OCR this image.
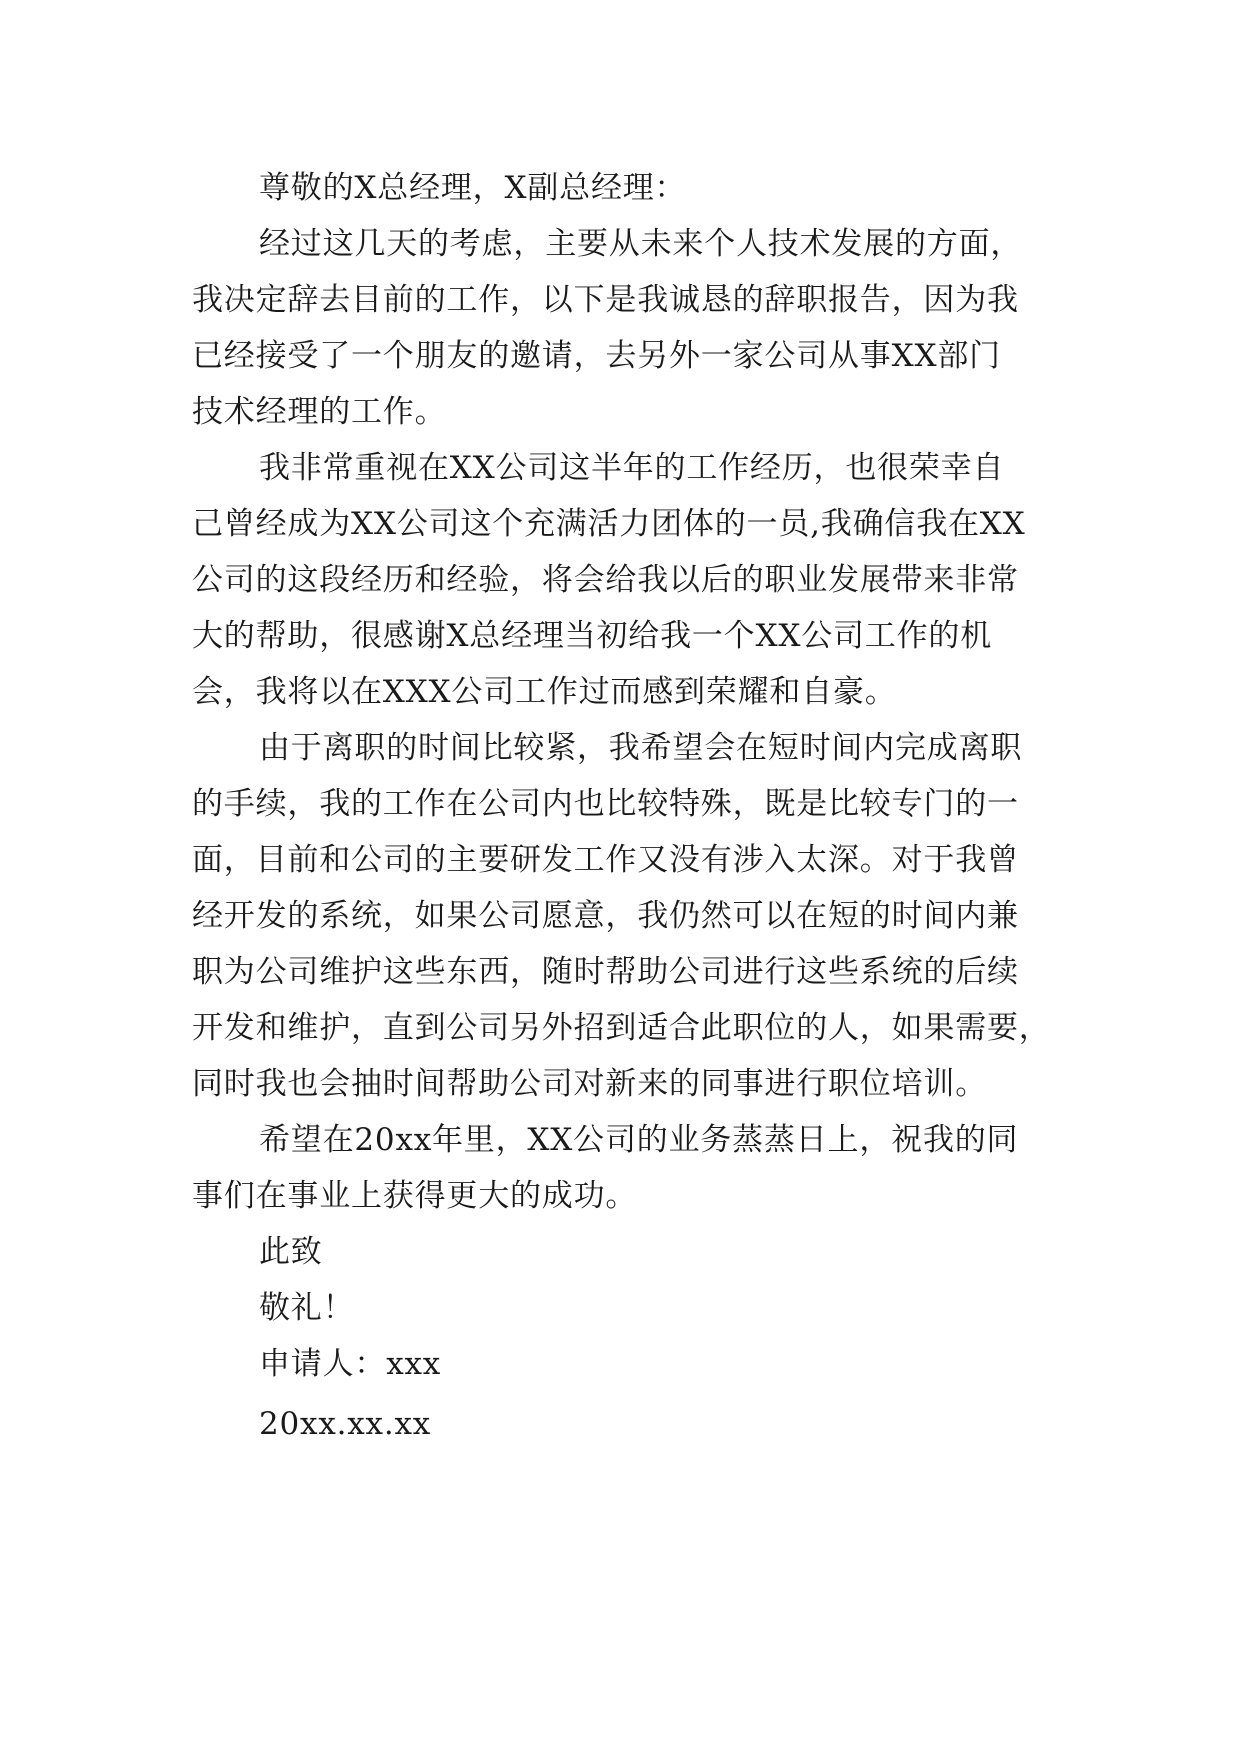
尊敬的X总经理，X副总经理：
经过这几天的考虑，主要从未来个人技术发展的方面，
我决定辞去目前的工作，以下是我诚恳的辞职报告，因为我
已经接受了一个朋友的邀请，去另外一家公司从事XX部门
技术经理的工作。
我非常重视在XX公司这半年的工作经历，也很荣幸自
己曾经成为XX公司这个充满活力团体的一员,我确信我在XX
公司的这段经历和经验，将会给我以后的职业发展带来非常
大的帮助，很感谢X总经理当初给我一个XX公司工作的机
会，我将以在XXX公司工作过而感到荣耀和自豪。
由于离职的时间比较紧，我希望会在短时间内完成离职
的手续，我的工作在公司内也比较特殊，既是比较专门的一
面，目前和公司的主要研发工作又没有涉入太深。对于我曾
经开发的系统，如果公司愿意，我仍然可以在短的时间内兼
职为公司维护这些东西，随时帮助公司进行这些系统的后续
开发和维护，直到公司另外招到适合此职位的人，如果需要，
同时我也会抽时间帮助公司对新来的同事进行职位培训。
希望在20xx年里，XX公司的业务蒸蒸日上，祝我的同
事们在事业上获得更大的成功。
此致
敬礼！
申请人：xxx
20xx.xx.xx
